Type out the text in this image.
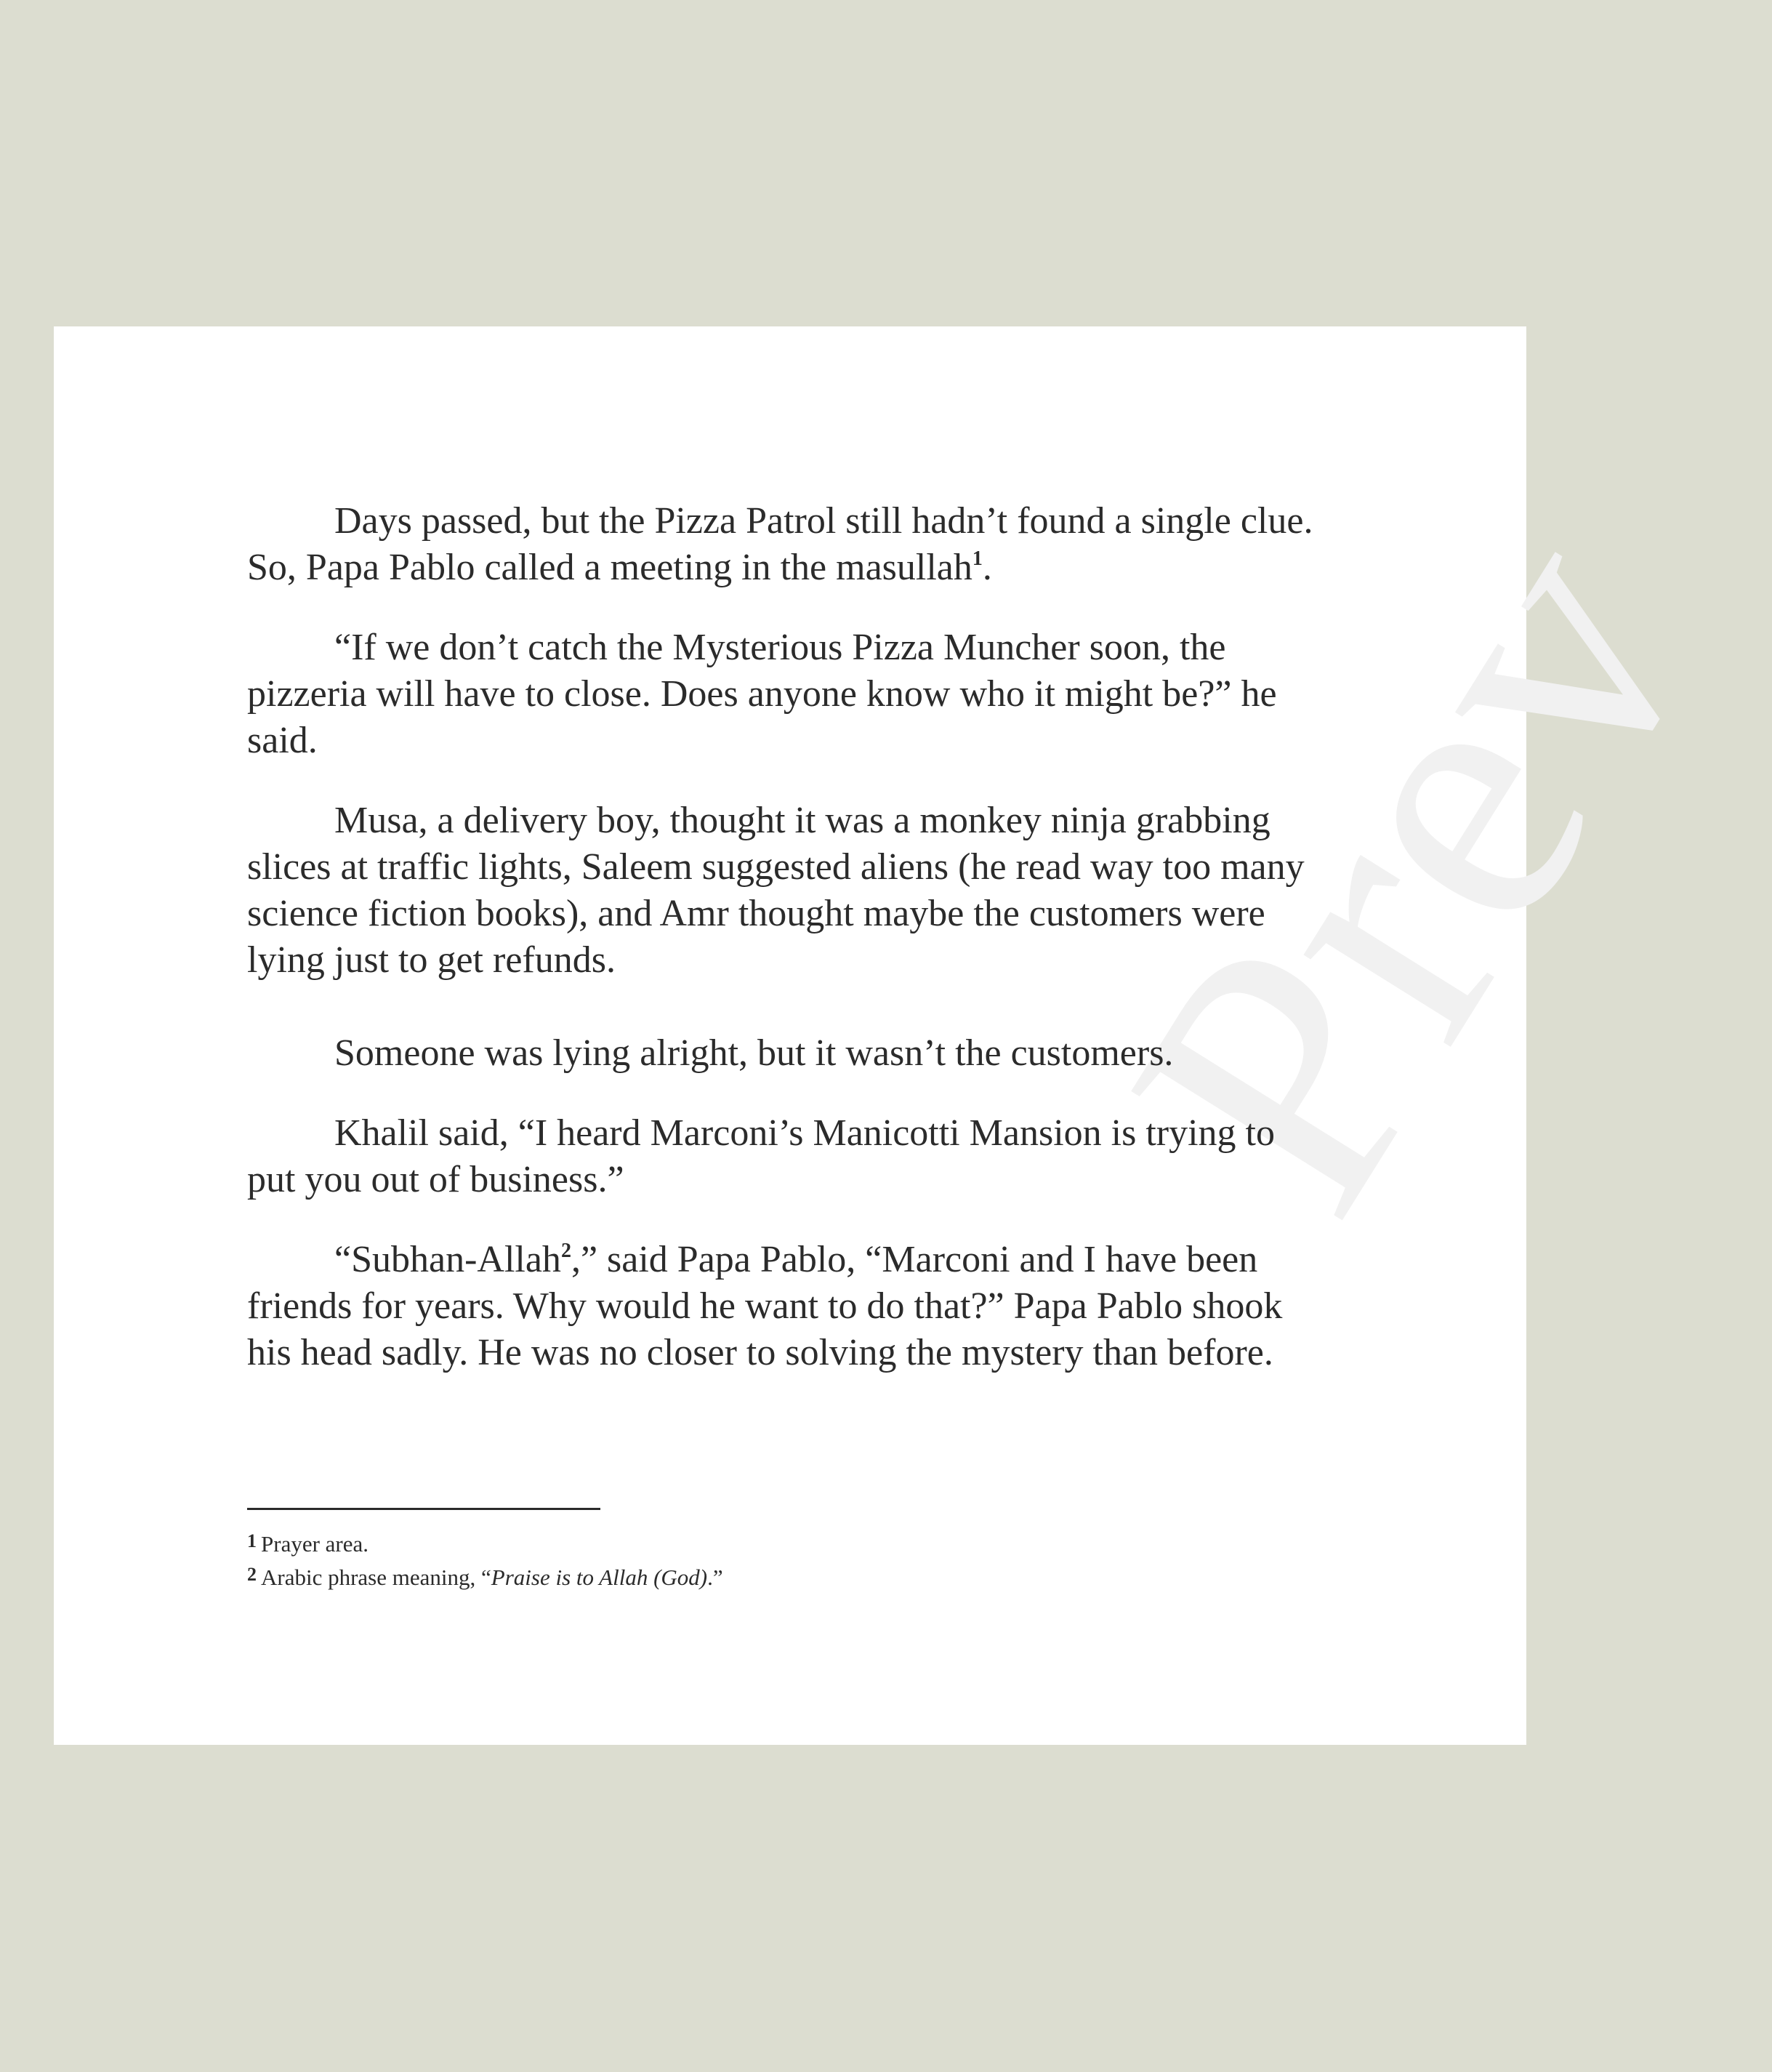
Prev

Days passed, but the Pizza Patrol still hadn’t found a single clue. So, Papa Pablo called a meeting in the masullah$^1$.

“If we don’t catch the Mysterious Pizza Muncher soon, the pizzeria will have to close. Does anyone know who it might be?” he said.

Musa, a delivery boy, thought it was a monkey ninja grabbing slices at traffic lights, Saleem suggested aliens (he read way too many science fiction books), and Amr thought maybe the customers were lying just to get refunds.

Someone was lying alright, but it wasn’t the customers.

Khalil said, “I heard Marconi’s Manicotti Mansion is trying to put you out of business.”

“Subhan-Allah$^2$,” said Papa Pablo, “Marconi and I have been friends for years. Why would he want to do that?” Papa Pablo shook his head sadly. He was no closer to solving the mystery than before.

1 Prayer area.
2 Arabic phrase meaning, “Praise is to Allah (God).”
